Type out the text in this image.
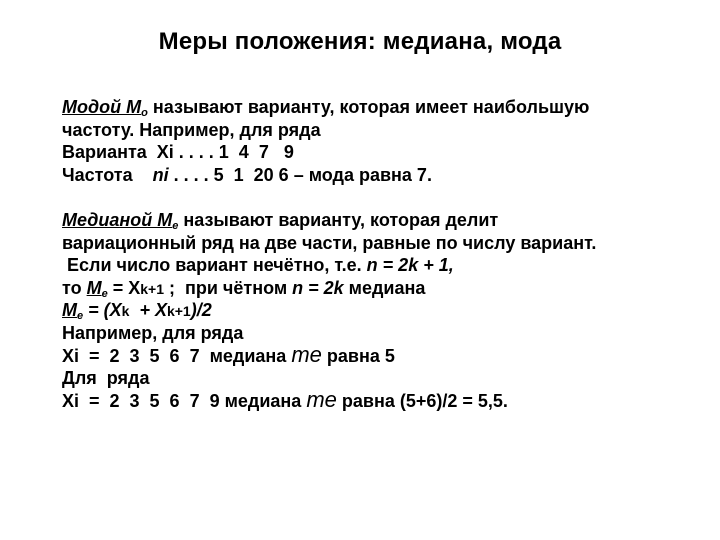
Меры положения: медиана, мода
Модой $M_o$ называют варианту, которая имеет наибольшую
частоту. Например, для ряда
Варианта  Xi . . . . 1  4  7   9
Частота    ni . . . . 5  1  20 6 – мода равна 7.
Медианой $M_e$ называют варианту, которая делит
вариационный ряд на две части, равные по числу вариант.
Если число вариант нечётно, т.е. n = 2k + 1,
то $M_e = Xk+1$ ;  при чётном n = 2k медиана
$M_e = (Xk + Xk+1)/2$
Например, для ряда
Xi  =  2  3  5  6  7  медиана me равна 5
Для  ряда
Xi  =  2  3  5  6  7  9 медиана me равна (5+6)/2 = 5,5.
